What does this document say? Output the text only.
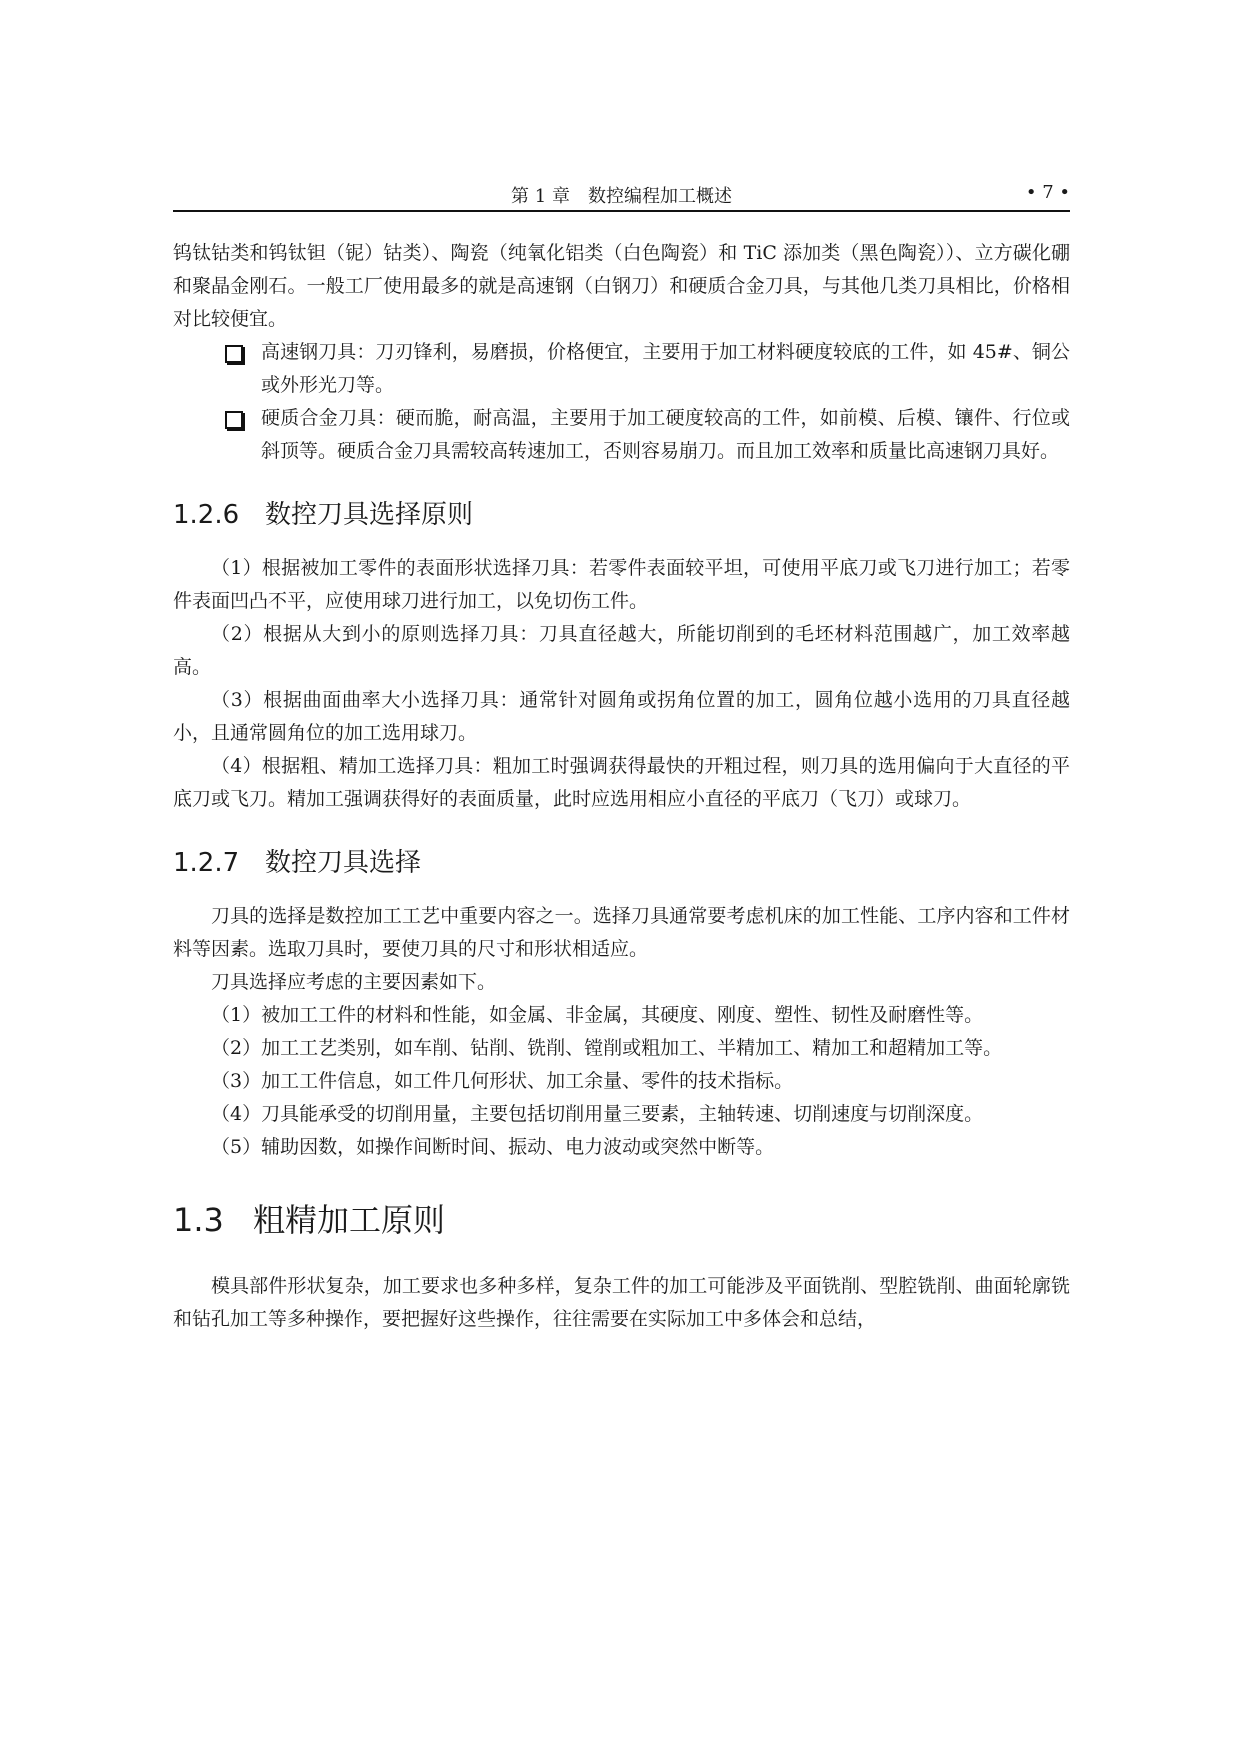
第 1 章　数控编程加工概述	• 7 •

钨钛钴类和钨钛钽（铌）钴类）、陶瓷（纯氧化铝类（白色陶瓷）和 TiC 添加类（黑色陶瓷））、立方碳化硼和聚晶金刚石。一般工厂使用最多的就是高速钢（白钢刀）和硬质合金刀具，与其他几类刀具相比，价格相对比较便宜。

高速钢刀具：刀刃锋利，易磨损，价格便宜，主要用于加工材料硬度较底的工件，如 45#、铜公或外形光刀等。
硬质合金刀具：硬而脆，耐高温，主要用于加工硬度较高的工件，如前模、后模、镶件、行位或斜顶等。硬质合金刀具需较高转速加工，否则容易崩刀。而且加工效率和质量比高速钢刀具好。
1.2.6 数控刀具选择原则

（1）根据被加工零件的表面形状选择刀具：若零件表面较平坦，可使用平底刀或飞刀进行加工；若零件表面凹凸不平，应使用球刀进行加工，以免切伤工件。

（2）根据从大到小的原则选择刀具：刀具直径越大，所能切削到的毛坯材料范围越广，加工效率越高。

（3）根据曲面曲率大小选择刀具：通常针对圆角或拐角位置的加工，圆角位越小选用的刀具直径越小，且通常圆角位的加工选用球刀。

（4）根据粗、精加工选择刀具：粗加工时强调获得最快的开粗过程，则刀具的选用偏向于大直径的平底刀或飞刀。精加工强调获得好的表面质量，此时应选用相应小直径的平底刀（飞刀）或球刀。

1.2.7 数控刀具选择

刀具的选择是数控加工工艺中重要内容之一。选择刀具通常要考虑机床的加工性能、工序内容和工件材料等因素。选取刀具时，要使刀具的尺寸和形状相适应。

刀具选择应考虑的主要因素如下。

（1）被加工工件的材料和性能，如金属、非金属，其硬度、刚度、塑性、韧性及耐磨性等。

（2）加工工艺类别，如车削、钻削、铣削、镗削或粗加工、半精加工、精加工和超精加工等。

（3）加工工件信息，如工件几何形状、加工余量、零件的技术指标。

（4）刀具能承受的切削用量，主要包括切削用量三要素，主轴转速、切削速度与切削深度。

（5）辅助因数，如操作间断时间、振动、电力波动或突然中断等。

1.3 粗精加工原则

模具部件形状复杂，加工要求也多种多样，复杂工件的加工可能涉及平面铣削、型腔铣削、曲面轮廓铣和钻孔加工等多种操作，要把握好这些操作，往往需要在实际加工中多体会和总结，
